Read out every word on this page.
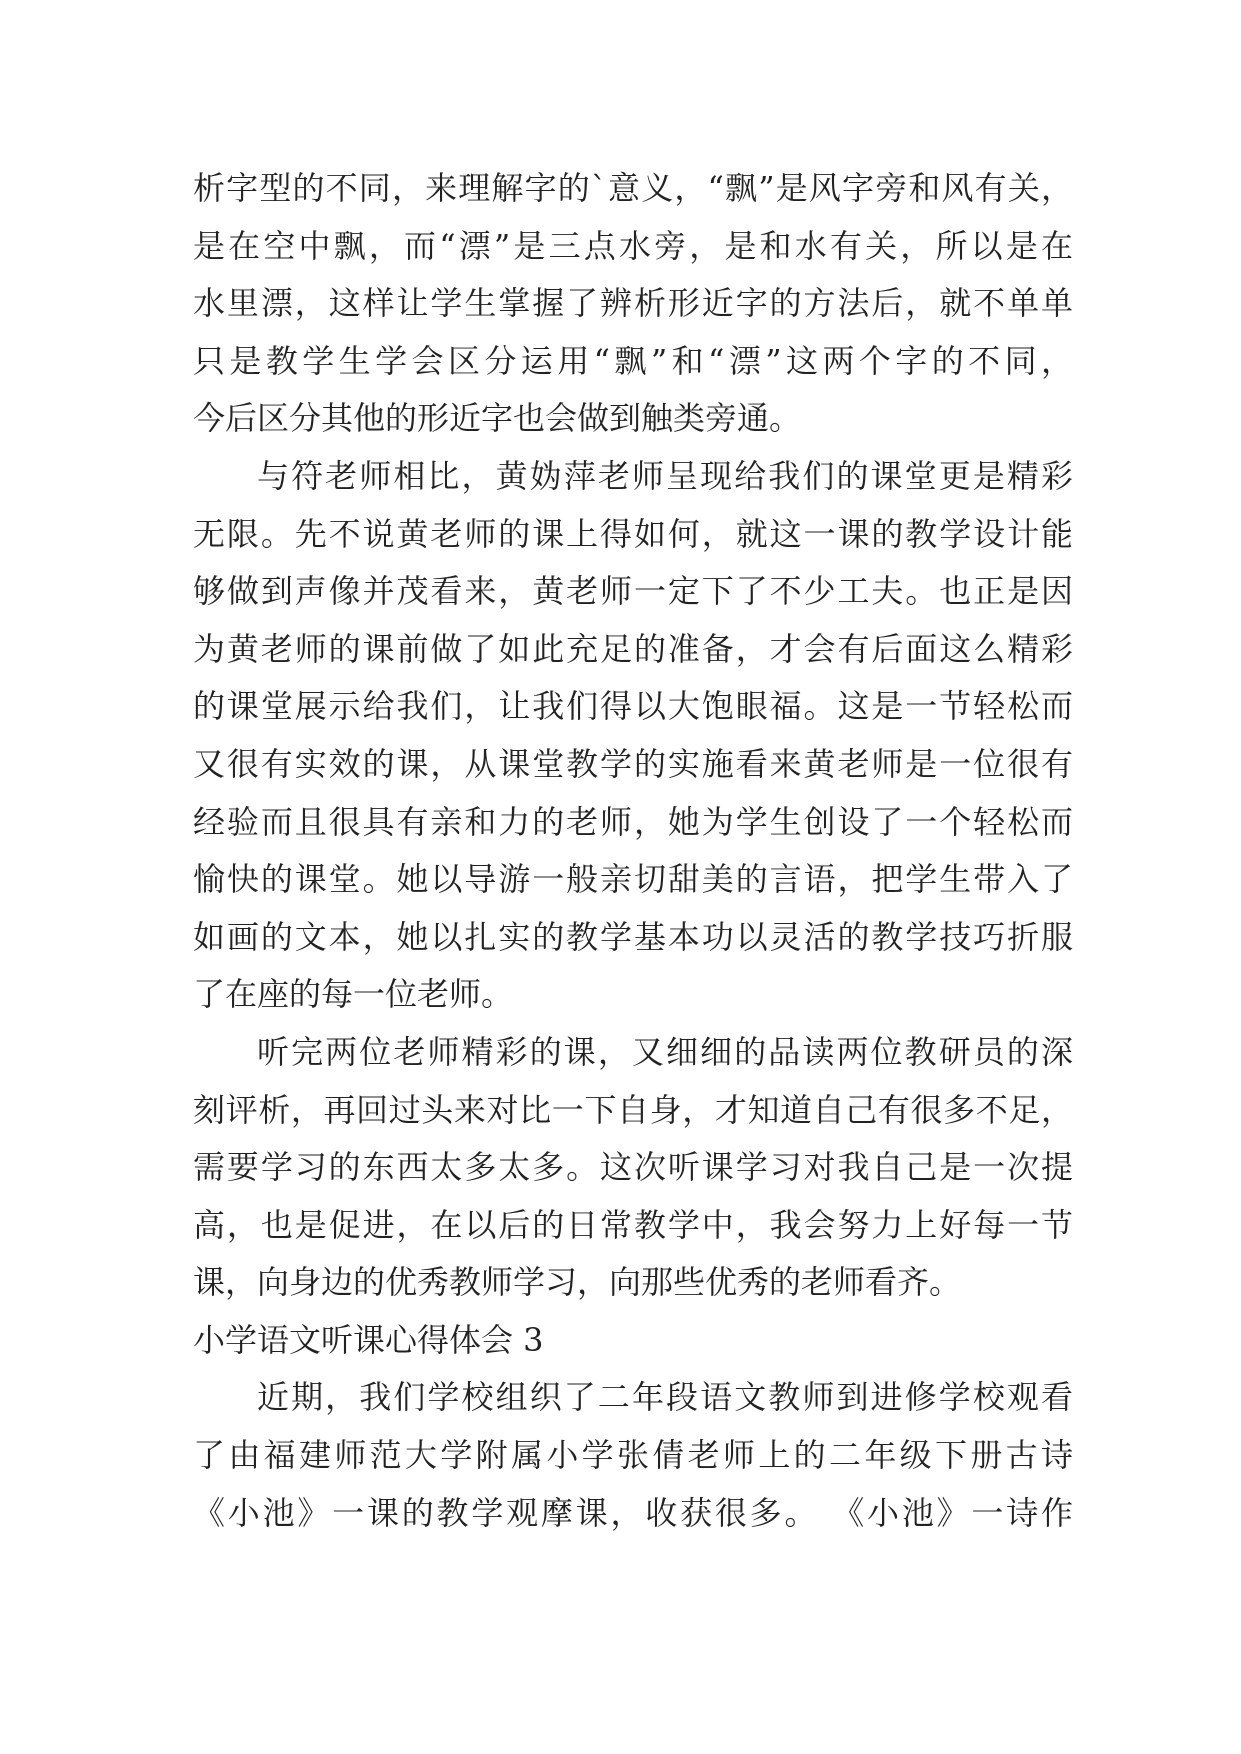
析字型的不同，来理解字的`意义，“飘”是风字旁和风有关，
是在空中飘，而“漂”是三点水旁，是和水有关，所以是在
水里漂，这样让学生掌握了辨析形近字的方法后，就不单单
只是教学生学会区分运用“飘”和“漂”这两个字的不同，
今后区分其他的形近字也会做到触类旁通。
与符老师相比，黄妫萍老师呈现给我们的课堂更是精彩
无限。先不说黄老师的课上得如何，就这一课的教学设计能
够做到声像并茂看来，黄老师一定下了不少工夫。也正是因
为黄老师的课前做了如此充足的准备，才会有后面这么精彩
的课堂展示给我们，让我们得以大饱眼福。这是一节轻松而
又很有实效的课，从课堂教学的实施看来黄老师是一位很有
经验而且很具有亲和力的老师，她为学生创设了一个轻松而
愉快的课堂。她以导游一般亲切甜美的言语，把学生带入了
如画的文本，她以扎实的教学基本功以灵活的教学技巧折服
了在座的每一位老师。
听完两位老师精彩的课，又细细的品读两位教研员的深
刻评析，再回过头来对比一下自身，才知道自己有很多不足，
需要学习的东西太多太多。这次听课学习对我自己是一次提
高，也是促进，在以后的日常教学中，我会努力上好每一节
课，向身边的优秀教师学习，向那些优秀的老师看齐。
小学语文听课心得体会 3
近期，我们学校组织了二年段语文教师到进修学校观看
了由福建师范大学附属小学张倩老师上的二年级下册古诗
《小池》一课的教学观摩课，收获很多。 《小池》一诗作
